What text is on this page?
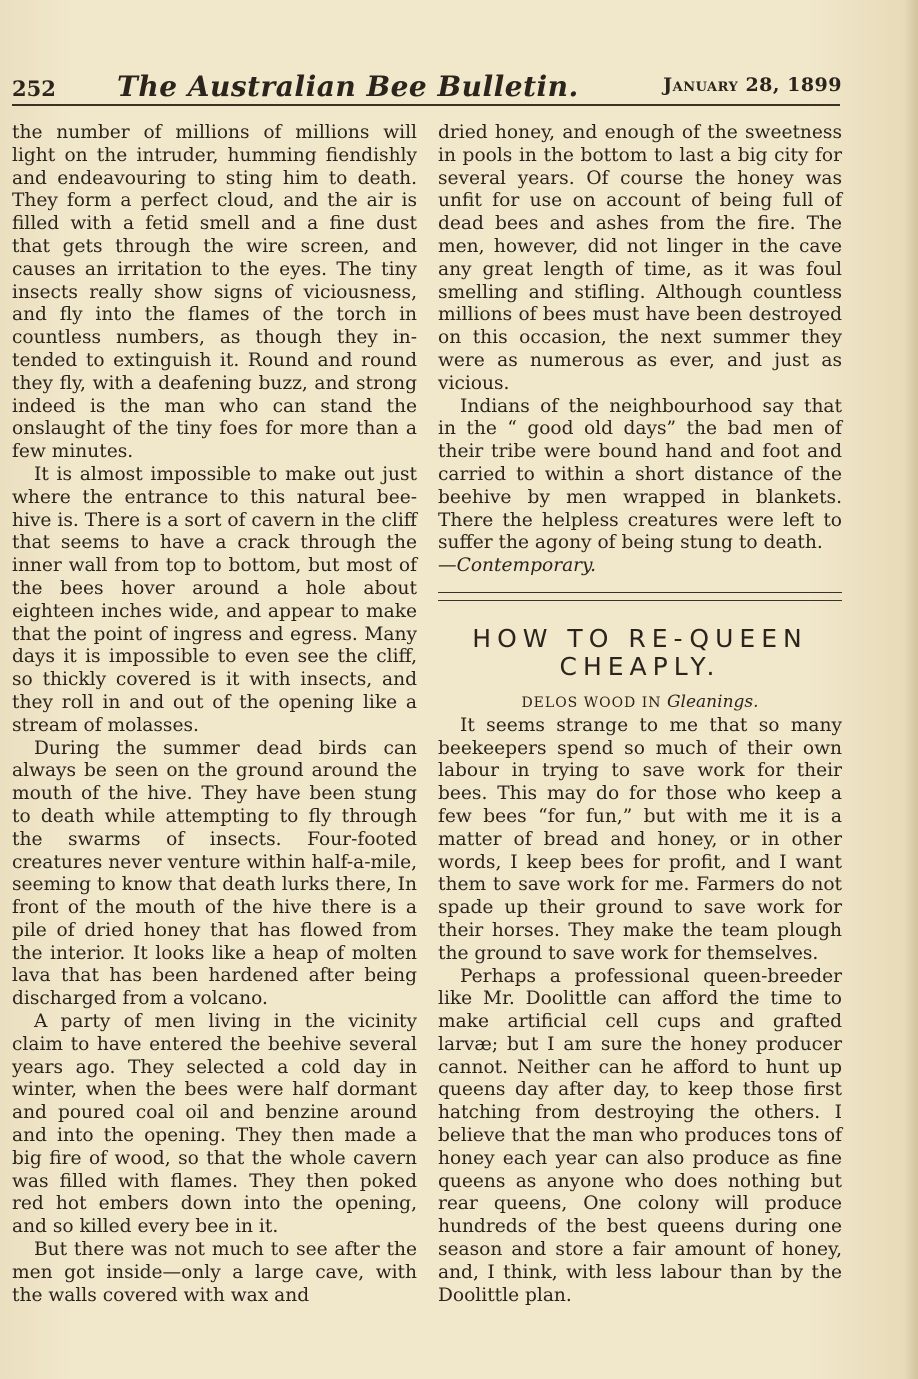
252 The Australian Bee Bulletin.	January 28, 1899

the number of millions of millions will light on the intruder, humming fiendishly and endeavouring to sting him to death. They form a perfect cloud, and the air is filled with a fetid smell and a fine dust that gets through the wire screen, and causes an irritation to the eyes. The tiny insects really show signs of viciousness, and fly into the flames of the torch in countless numbers, as though they intended to extinguish it. Round and round they fly, with a deafening buzz, and strong indeed is the man who can stand the onslaught of the tiny foes for more than a few minutes.

It is almost impossible to make out just where the entrance to this natural bee-hive is. There is a sort of cavern in the cliff that seems to have a crack through the inner wall from top to bottom, but most of the bees hover around a hole about eighteen inches wide, and appear to make that the point of ingress and egress. Many days it is impossible to even see the cliff, so thickly covered is it with insects, and they roll in and out of the opening like a stream of molasses.

During the summer dead birds can always be seen on the ground around the mouth of the hive. They have been stung to death while attempting to fly through the swarms of insects. Four-footed creatures never venture within half-a-mile, seeming to know that death lurks there, In front of the mouth of the hive there is a pile of dried honey that has flowed from the interior. It looks like a heap of molten lava that has been hardened after being discharged from a volcano.

A party of men living in the vicinity claim to have entered the beehive several years ago. They selected a cold day in winter, when the bees were half dormant and poured coal oil and benzine around and into the opening. They then made a big fire of wood, so that the whole cavern was filled with flames. They then poked red hot embers down into the opening, and so killed every bee in it.

But there was not much to see after the men got inside—only a large cave, with the walls covered with wax and

dried honey, and enough of the sweetness in pools in the bottom to last a big city for several years. Of course the honey was unfit for use on account of being full of dead bees and ashes from the fire. The men, however, did not linger in the cave any great length of time, as it was foul smelling and stifling. Although countless millions of bees must have been destroyed on this occasion, the next summer they were as numerous as ever, and just as vicious.

Indians of the neighbourhood say that in the “ good old days” the bad men of their tribe were bound hand and foot and carried to within a short distance of the beehive by men wrapped in blankets. There the helpless creatures were left to suffer the agony of being stung to death.

—Contemporary.

HOW TO RE-QUEEN CHEAPLY.

DELOS WOOD IN Gleanings.

It seems strange to me that so many beekeepers spend so much of their own labour in trying to save work for their bees. This may do for those who keep a few bees “for fun,” but with me it is a matter of bread and honey, or in other words, I keep bees for profit, and I want them to save work for me. Farmers do not spade up their ground to save work for their horses. They make the team plough the ground to save work for themselves.

Perhaps a professional queen-breeder like Mr. Doolittle can afford the time to make artificial cell cups and grafted larvæ; but I am sure the honey producer cannot. Neither can he afford to hunt up queens day after day, to keep those first hatching from destroying the others. I believe that the man who produces tons of honey each year can also produce as fine queens as anyone who does nothing but rear queens, One colony will produce hundreds of the best queens during one season and store a fair amount of honey, and, I think, with less labour than by the Doolittle plan.
